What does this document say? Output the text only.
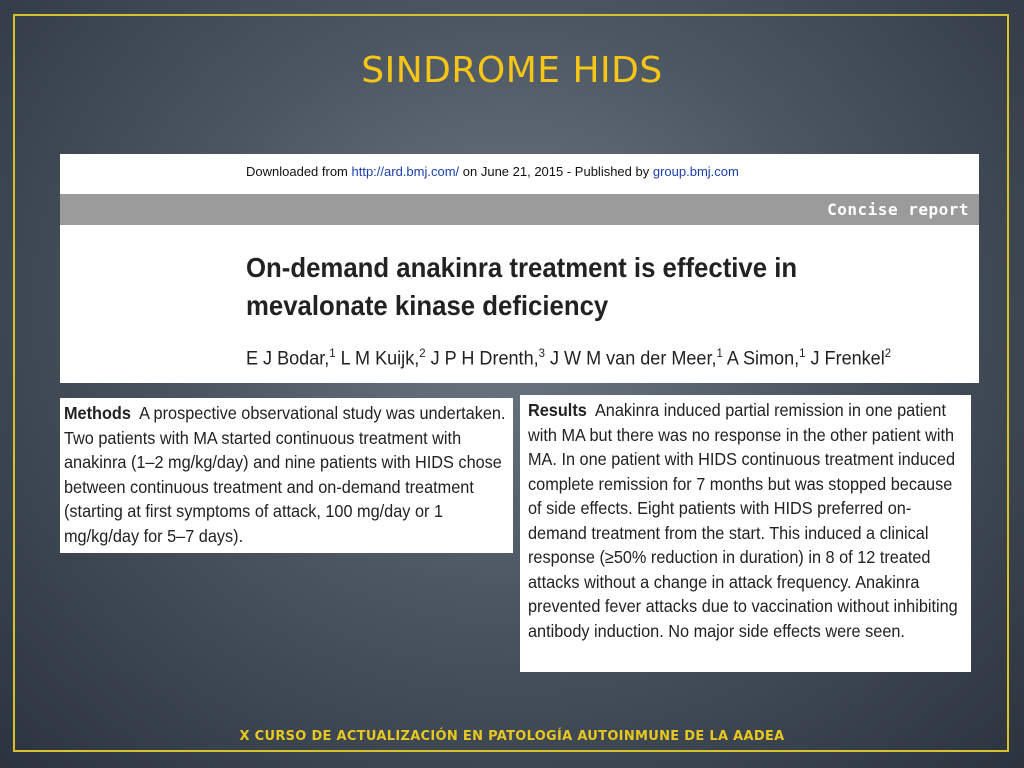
SINDROME HIDS
Downloaded from http://ard.bmj.com/ on June 21, 2015 - Published by group.bmj.com
Concise report
On-demand anakinra treatment is effective in
mevalonate kinase deficiency
E J Bodar,$^1$ L M Kuijk,$^2$ J P H Drenth,$^3$ J W M van der Meer,$^1$ A Simon,$^1$ J Frenkel$^2$
Methods A prospective observational study was undertaken. Two patients with MA started continuous treatment with anakinra (1–2 mg/kg/day) and nine patients with HIDS chose between continuous treatment and on-demand treatment (starting at first symptoms of attack, 100 mg/day or 1 mg/kg/day for 5–7 days).
Results Anakinra induced partial remission in one patient with MA but there was no response in the other patient with MA. In one patient with HIDS continuous treatment induced complete remission for 7 months but was stopped because of side effects. Eight patients with HIDS preferred on-demand treatment from the start. This induced a clinical response (≥50% reduction in duration) in 8 of 12 treated attacks without a change in attack frequency. Anakinra prevented fever attacks due to vaccination without inhibiting antibody induction. No major side effects were seen.
X CURSO DE ACTUALIZACIÓN EN PATOLOGÍA AUTOINMUNE DE LA AADEA
